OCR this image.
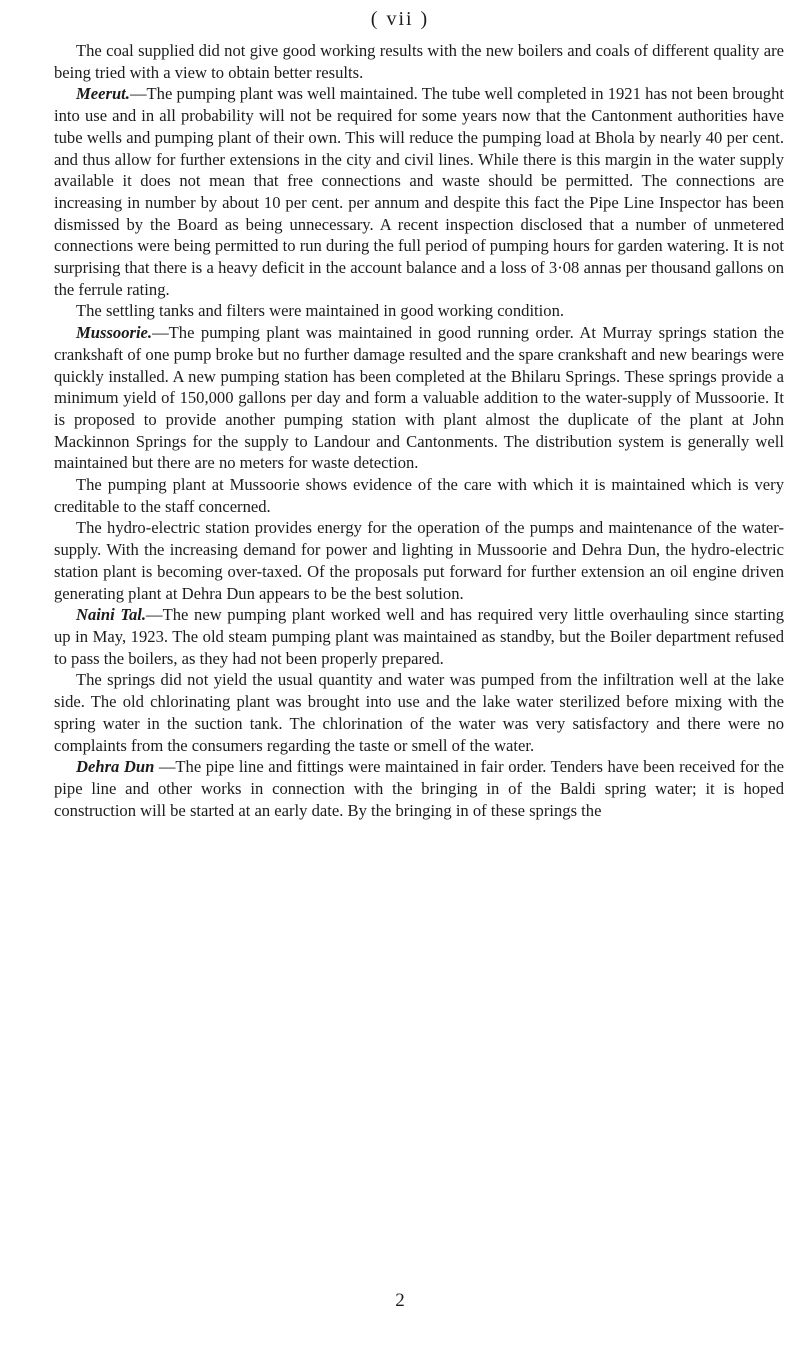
( vii )

The coal supplied did not give good working results with the new boilers and coals of different quality are being tried with a view to obtain better results.

Meerut.—The pumping plant was well maintained. The tube well completed in 1921 has not been brought into use and in all probability will not be required for some years now that the Cantonment authorities have tube wells and pumping plant of their own. This will reduce the pumping load at Bhola by nearly 40 per cent. and thus allow for further extensions in the city and civil lines. While there is this margin in the water supply available it does not mean that free connections and waste should be permitted. The connections are increasing in number by about 10 per cent. per annum and despite this fact the Pipe Line Inspector has been dismissed by the Board as being unnecessary. A recent inspection disclosed that a number of unmetered connections were being permitted to run during the full period of pumping hours for garden watering. It is not surprising that there is a heavy deficit in the account balance and a loss of 3·08 annas per thousand gallons on the ferrule rating.

The settling tanks and filters were maintained in good working condition.

Mussoorie.—The pumping plant was maintained in good running order. At Murray springs station the crankshaft of one pump broke but no further damage resulted and the spare crankshaft and new bearings were quickly installed. A new pumping station has been completed at the Bhilaru Springs. These springs provide a minimum yield of 150,000 gallons per day and form a valuable addition to the water-supply of Mussoorie. It is proposed to provide another pumping station with plant almost the duplicate of the plant at John Mackinnon Springs for the supply to Landour and Cantonments. The distribution system is generally well maintained but there are no meters for waste detection.

The pumping plant at Mussoorie shows evidence of the care with which it is maintained which is very creditable to the staff concerned.

The hydro-electric station provides energy for the operation of the pumps and maintenance of the water-supply. With the increasing demand for power and lighting in Mussoorie and Dehra Dun, the hydro-electric station plant is becoming over-taxed. Of the proposals put forward for further extension an oil engine driven generating plant at Dehra Dun appears to be the best solution.

Naini Tal.—The new pumping plant worked well and has required very little overhauling since starting up in May, 1923. The old steam pumping plant was maintained as standby, but the Boiler department refused to pass the boilers, as they had not been properly prepared.

The springs did not yield the usual quantity and water was pumped from the infiltration well at the lake side. The old chlorinating plant was brought into use and the lake water sterilized before mixing with the spring water in the suction tank. The chlorination of the water was very satisfactory and there were no complaints from the consumers regarding the taste or smell of the water.

Dehra Dun —The pipe line and fittings were maintained in fair order. Tenders have been received for the pipe line and other works in connection with the bringing in of the Baldi spring water; it is hoped construction will be started at an early date. By the bringing in of these springs the

2
